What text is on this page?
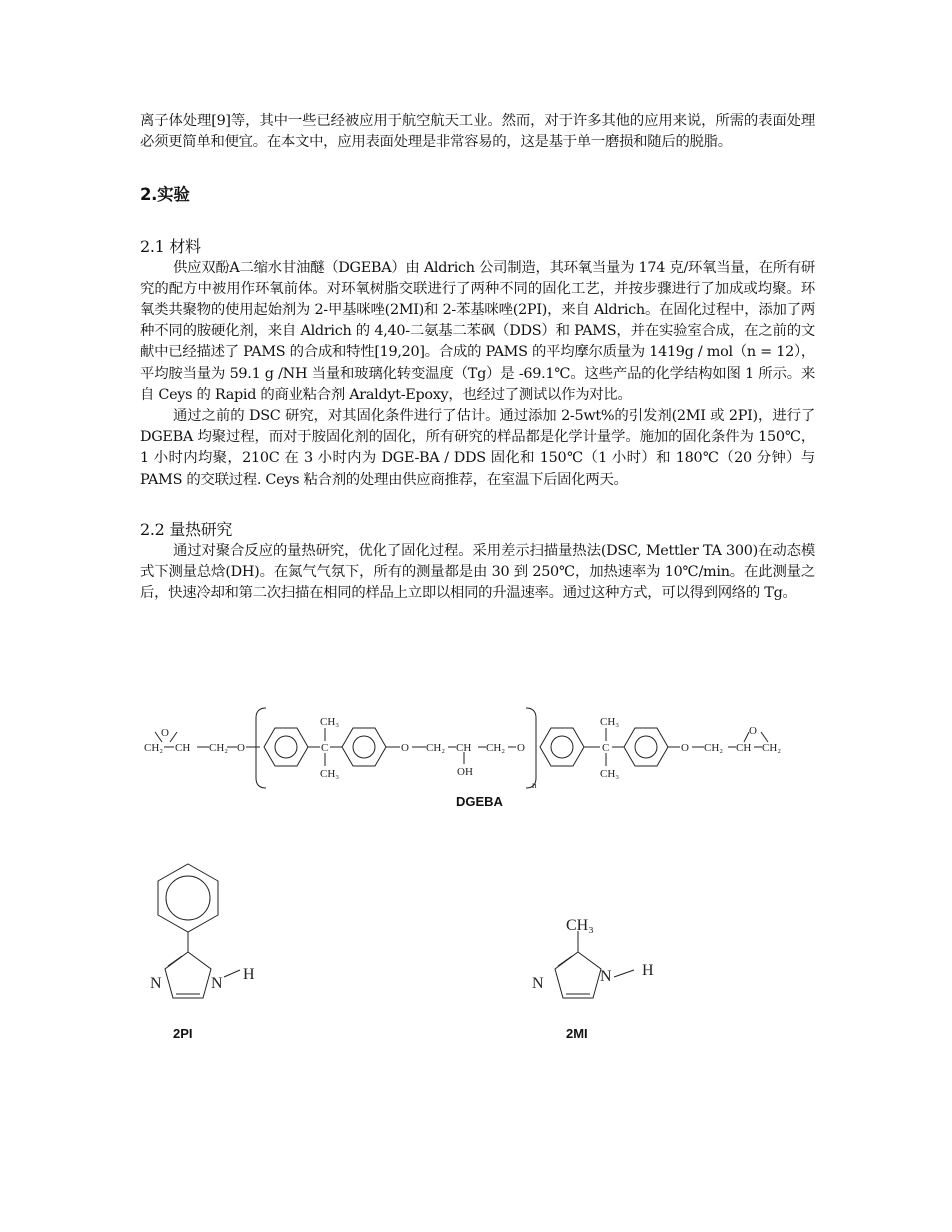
离子体处理[9]等，其中一些已经被应用于航空航天工业。然而，对于许多其他的应用来说，所需的表面处理必须更简单和便宜。在本文中，应用表面处理是非常容易的，这是基于单一磨损和随后的脱脂。

2.实验

2.1 材料

供应双酚A二缩水甘油醚（DGEBA）由 Aldrich 公司制造，其环氧当量为 174 克/环氧当量，在所有研究的配方中被用作环氧前体。对环氧树脂交联进行了两种不同的固化工艺，并按步骤进行了加成或均聚。环氧类共聚物的使用起始剂为 2-甲基咪唑(2MI)和 2-苯基咪唑(2PI)，来自 Aldrich。在固化过程中，添加了两种不同的胺硬化剂，来自 Aldrich 的 4,40-二氨基二苯砜（DDS）和 PAMS，并在实验室合成，在之前的文献中已经描述了 PAMS 的合成和特性[19,20]。合成的 PAMS 的平均摩尔质量为 1419g / mol（n = 12），平均胺当量为 59.1 g /NH 当量和玻璃化转变温度（Tg）是 -69.1℃。这些产品的化学结构如图 1 所示。来自 Ceys 的 Rapid 的商业粘合剂 Araldyt-Epoxy，也经过了测试以作为对比。

通过之前的 DSC 研究，对其固化条件进行了估计。通过添加 2-5wt%的引发剂(2MI 或 2PI)，进行了 DGEBA 均聚过程，而对于胺固化剂的固化，所有研究的样品都是化学计量学。施加的固化条件为 150℃，1 小时内均聚，210C 在 3 小时内为 DGE-BA / DDS 固化和 150℃（1 小时）和 180℃（20 分钟）与 PAMS 的交联过程. Ceys 粘合剂的处理由供应商推荐，在室温下后固化两天。

2.2 量热研究

通过对聚合反应的量热研究，优化了固化过程。采用差示扫描量热法(DSC, Mettler TA 300)在动态模式下测量总焓(DH)。在氮气气氛下，所有的测量都是由 30 到 250℃，加热速率为 10℃/min。在此测量之后，快速冷却和第二次扫描在相同的样品上立即以相同的升温速率。通过这种方式，可以得到网络的 Tg。

O
CH₂ CH CH₂ O
CH₃
C
CH₃
O CH₂ CH
OH
CH₂ O
n
CH₃
C
CH₃
O CH₂ CH
O
CH₂
DGEBA
N	N
H
2PI
CH₃
N	N H
2MI
